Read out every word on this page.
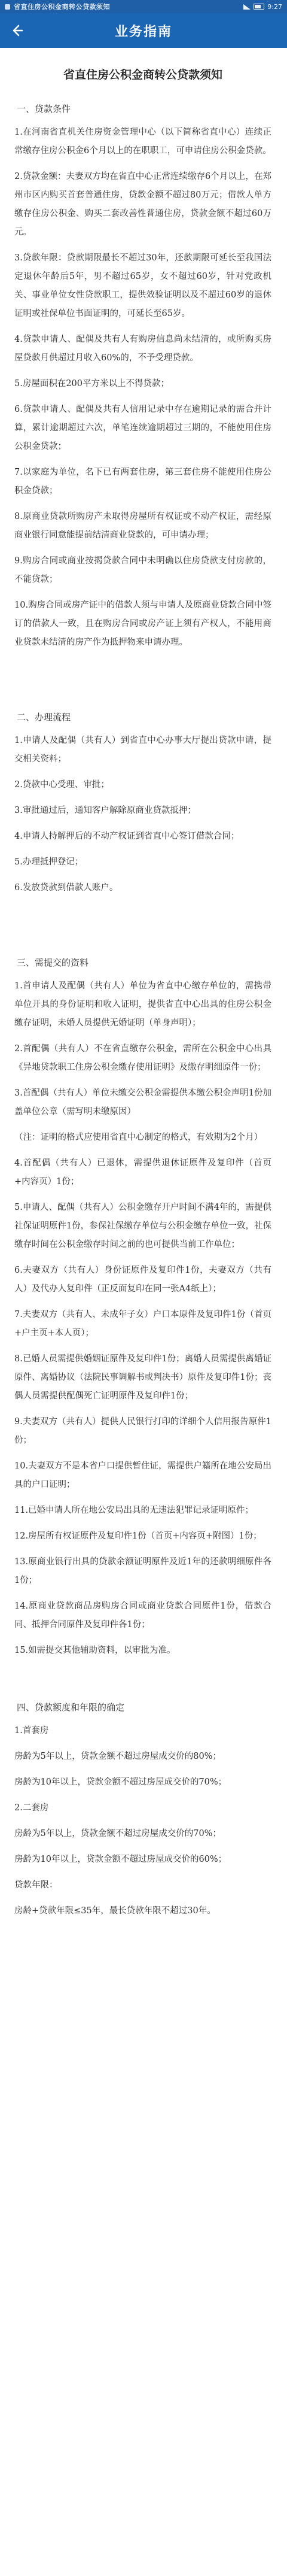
省直住房公积金商转公贷款须知	9:27
业务指南
省直住房公积金商转公贷款须知
一、贷款条件

1.在河南省直机关住房资金管理中心（以下简称省直中心）连续正常缴存住房公积金6个月以上的在职职工，可申请住房公积金贷款。

2.贷款金额：夫妻双方均在省直中心正常连续缴存6个月以上，在郑州市区内购买首套普通住房，贷款金额不超过80万元；借款人单方缴存住房公积金、购买二套改善性普通住房，贷款金额不超过60万元。

3.贷款年限：贷款期限最长不超过30年，还款期限可延长至我国法定退休年龄后5年，男不超过65岁，女不超过60岁，针对党政机关、事业单位女性贷款职工，提供效验证明以及不超过60岁的退休证明或社保单位书面证明的，可延长至65岁。

4.贷款申请人、配偶及共有人有购房信息尚未结清的，或所购买房屋贷款月供超过月收入60%的，不予受理贷款。

5.房屋面积在200平方米以上不得贷款；

6.贷款申请人、配偶及共有人信用记录中存在逾期记录的需合并计算，累计逾期超过六次，单笔连续逾期超过三期的，不能使用住房公积金贷款；

7.以家庭为单位，名下已有两套住房，第三套住房不能使用住房公积金贷款；

8.原商业贷款所购房产未取得房屋所有权证或不动产权证，需经原商业银行同意能提前结清商业贷款的，可申请办理；

9.购房合同或商业按揭贷款合同中未明确以住房贷款支付房款的，不能贷款；

10.购房合同或房产证中的借款人须与申请人及原商业贷款合同中签订的借款人一致，且在购房合同或房产证上须有产权人，不能用商业贷款未结清的房产作为抵押物来申请办理。

二、办理流程

1.申请人及配偶（共有人）到省直中心办事大厅提出贷款申请，提交相关资料；

2.贷款中心受理、审批；

3.审批通过后，通知客户解除原商业贷款抵押；

4.申请人持解押后的不动产权证到省直中心签订借款合同；

5.办理抵押登记；

6.发放贷款到借款人账户。

三、需提交的资料

1.首申请人及配偶（共有人）单位为省直中心缴存单位的，需携带单位开具的身份证明和收入证明，提供省直中心出具的住房公积金缴存证明，未婚人员提供无婚证明（单身声明）；

2.首配偶（共有人）不在省直缴存公积金，需所在公积金中心出具《异地贷款职工住房公积金缴存使用证明》及缴存明细原件一份；

3.首配偶（共有人）单位未缴交公积金需提供本缴公积金声明1份加盖单位公章（需写明未缴原因）

（注：证明的格式应使用省直中心制定的格式，有效期为2个月）

4.首配偶（共有人）已退休，需提供退休证原件及复印件（首页+内容页）1份；

5.申请人、配偶（共有人）公积金缴存开户时间不满4年的，需提供社保证明原件1份，参保社保缴存单位与公积金缴存单位一致，社保缴存时间在公积金缴存时间之前的也可提供当前工作单位；

6.夫妻双方（共有人）身份证原件及复印件1份，夫妻双方（共有人）及代办人复印件（正反面复印在同一张A4纸上）；

7.夫妻双方（共有人、未成年子女）户口本原件及复印件1份（首页+户主页+本人页）；

8.已婚人员需提供婚姻证原件及复印件1份；离婚人员需提供离婚证原件、离婚协议（法院民事调解书或判决书）原件及复印件1份；丧偶人员需提供配偶死亡证明原件及复印件1份；

9.夫妻双方（共有人）提供人民银行打印的详细个人信用报告原件1份；

10.夫妻双方不是本省户口提供暂住证，需提供户籍所在地公安局出具的户口证明；

11.已婚申请人所在地公安局出具的无违法犯罪记录证明原件；

12.房屋所有权证原件及复印件1份（首页+内容页+附图）1份；

13.原商业银行出具的贷款余额证明原件及近1年的还款明细原件各1份；

14.原商业贷款商品房购房合同或商业贷款合同原件1份，借款合同、抵押合同原件及复印件各1份；

15.如需提交其他辅助资料，以审批为准。

四、贷款额度和年限的确定

1.首套房

房龄为5年以上，贷款金额不超过房屋成交价的80%；

房龄为10年以上，贷款金额不超过房屋成交价的70%；

2.二套房

房龄为5年以上，贷款金额不超过房屋成交价的70%；

房龄为10年以上，贷款金额不超过房屋成交价的60%；

贷款年限：

房龄+贷款年限≤35年，最长贷款年限不超过30年。
